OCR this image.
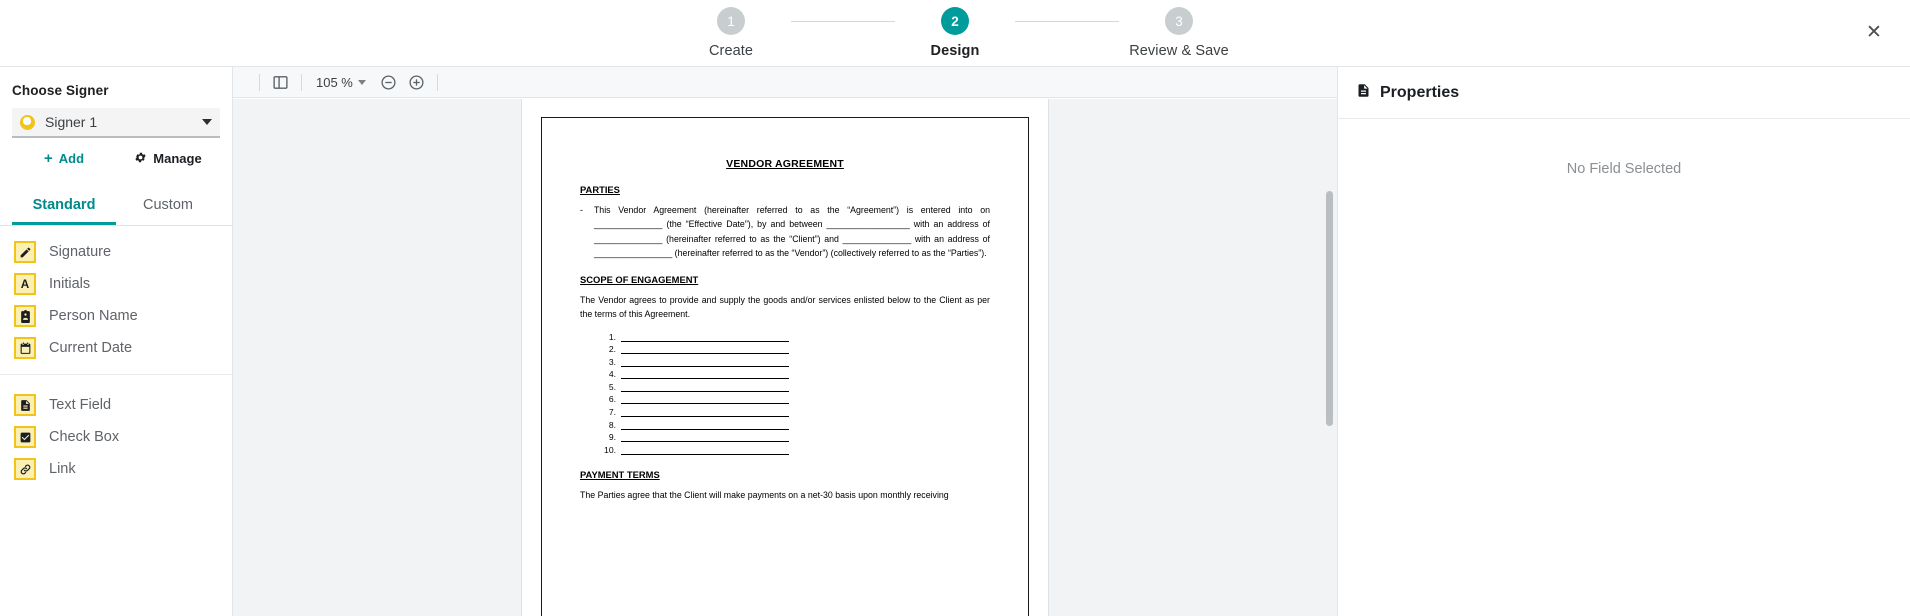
1
Create
2
Design
3
Review & Save
✕
Choose Signer
Signer 1
+ Add	Manage
Standard	Custom
Signature
A Initials
Person Name
Current Date
Text Field
Check Box
Link
105 %
VENDOR AGREEMENT
PARTIES
- This Vendor Agreement (hereinafter referred to as the “Agreement”) is entered into on ______________ (the “Effective Date”), by and between _________________ with an address of ______________ (hereinafter referred to as the “Client”) and ______________ with an address of ________________ (hereinafter referred to as the “Vendor”) (collectively referred to as the “Parties”).
SCOPE OF ENGAGEMENT
The Vendor agrees to provide and supply the goods and/or services enlisted below to the Client as per the terms of this Agreement.
1.
2.
3.
4.
5.
6.
7.
8.
9.
10.
PAYMENT TERMS
The Parties agree that the Client will make payments on a net-30 basis upon monthly receiving
Properties
No Field Selected
